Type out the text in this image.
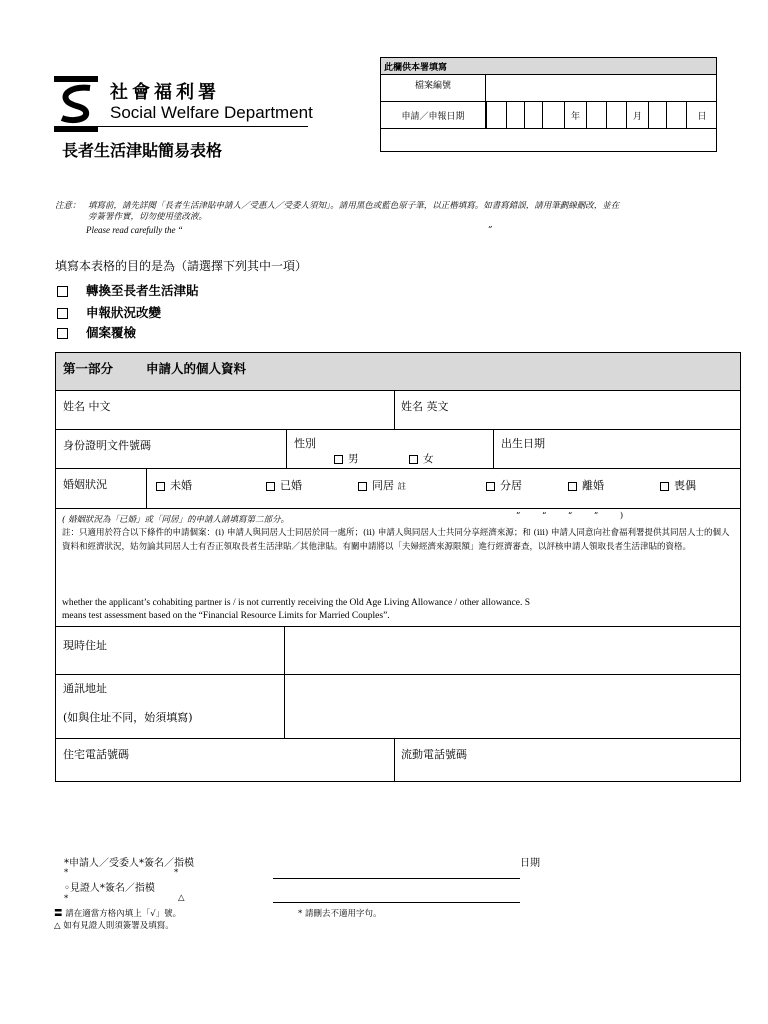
社會福利署
Social Welfare Department
長者生活津貼簡易表格
此欄供本署填寫
檔案編號
申請／申報日期	年	月	日
注意： 填寫前，請先詳閱「長者生活津貼申請人／受惠人／受委人須知」。請用黑色或藍色原子筆，以正楷填寫。如書寫錯誤，請用筆劃線刪改，並在
旁簽署作實，切勿使用塗改液。
Please read carefully the “	”
填寫本表格的目的是為（請選擇下列其中一項）
轉換至長者生活津貼
申報狀況改變
個案覆檢
第一部分	申請人的個人資料
姓名 中文	姓名 英文
身份證明文件號碼	性別
男	女
出生日期
婚姻狀況	未婚	已婚	同居 註	分居	離婚	喪偶
( 婚姻狀況為「已婚」或「同居」的申請人請填寫第二部分。	”        “        “        ”        )
註：只適用於符合以下條件的申請個案：(i) 申請人與同居人士同居於同一處所；(ii) 申請人與同居人士共同分享經濟來源；和 (iii) 申請人同意向社會福利署提供其同居人士的個人資料和經濟狀況，姑勿論其同居人士有否正領取長者生活津貼／其他津貼。有關申請將以「夫婦經濟來源限額」進行經濟審查，以評核申請人領取長者生活津貼的資格。
whether the applicant’s cohabiting partner is / is not currently receiving the Old Age Living Allowance / other allowance. S
means test assessment based on the “Financial Resource Limits for Married Couples”.
現時住址
通訊地址
(如與住址不同，始須填寫)
住宅電話號碼	流動電話號碼
*申請人／受委人*簽名／指模
*	*
日期
◦見證人*簽名／指模
*	△
〓 請在適當方格內填上「√」號。	* 請刪去不適用字句。
△ 如有見證人則須簽署及填寫。
